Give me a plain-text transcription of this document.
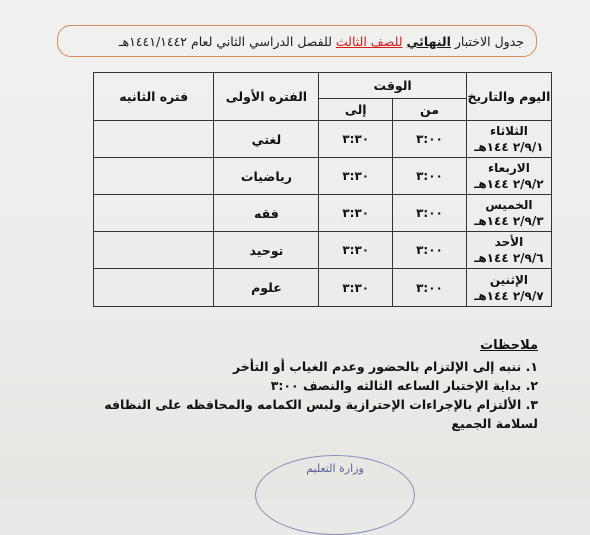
جدول الاختبار

النهائي

للصف الثالث

للفصل الدراسي الثاني لعام ١٤٤١/١٤٤٢هـ
اليوم والتاريخ	الوقت		الفتره الأولى	فتره الثانيه
	من	إلى		

الثلاثاء
٢/٩/١ ١٤٤هـ	٣:٠٠	٣:٣٠	لغتي	

الاربعاء
٢/٩/٢ ١٤٤هـ	٣:٠٠	٣:٣٠	رياضيات	

الخميس
٢/٩/٣ ١٤٤هـ	٣:٠٠	٣:٣٠	فقه	

الأحد
٢/٩/٦ ١٤٤هـ	٣:٠٠	٣:٣٠	توحيد	

الإثنين
٢/٩/٧ ١٤٤هـ	٣:٠٠	٣:٣٠	علوم	
ملاحظات
١. ننبه إلى الإلتزام بالحضور وعدم الغياب أو التأخر
٢. بداية الإختبار الساعه الثالثه والنصف ٣:٠٠
٣. الألتزام بالإجراءات الإحترازية ولبس الكمامه والمحافظه على النظافه لسلامة الجميع
وزارة التعليم
